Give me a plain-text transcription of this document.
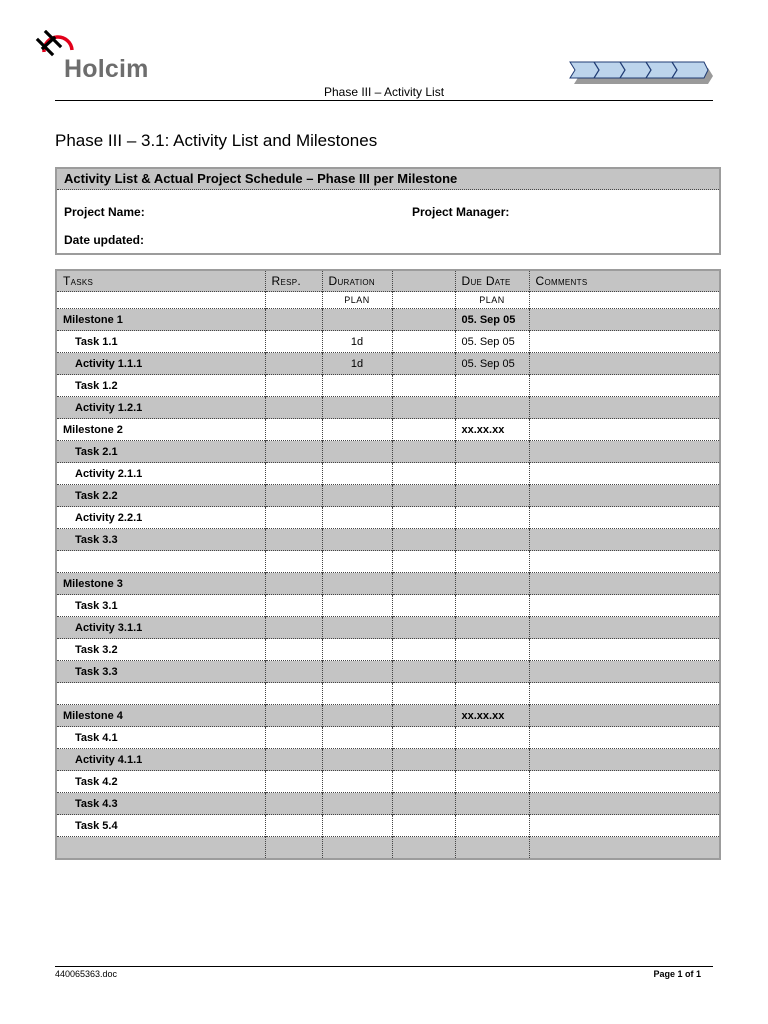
Holcim
Phase III – Activity List
Phase III – 3.1: Activity List and Milestones
Activity List & Actual Project Schedule – Phase III per Milestone
Project Name:	Project Manager:
Date updated:
Tasks	Resp.	Duration		Due Date	Comments
		PLAN		PLAN	
Milestone 1				05. Sep 05	
Task 1.1		1d		05. Sep 05	
Activity 1.1.1		1d		05. Sep 05	
Task 1.2					
Activity 1.2.1					
Milestone 2				xx.xx.xx	
Task 2.1					
Activity 2.1.1					
Task 2.2					
Activity 2.2.1					
Task 3.3					

Milestone 3					
Task 3.1					
Activity 3.1.1					
Task 3.2					
Task 3.3					

Milestone 4				xx.xx.xx	
Task 4.1					
Activity 4.1.1					
Task 4.2					
Task 4.3					
Task 5.4					

440065363.doc	Page 1 of 1
